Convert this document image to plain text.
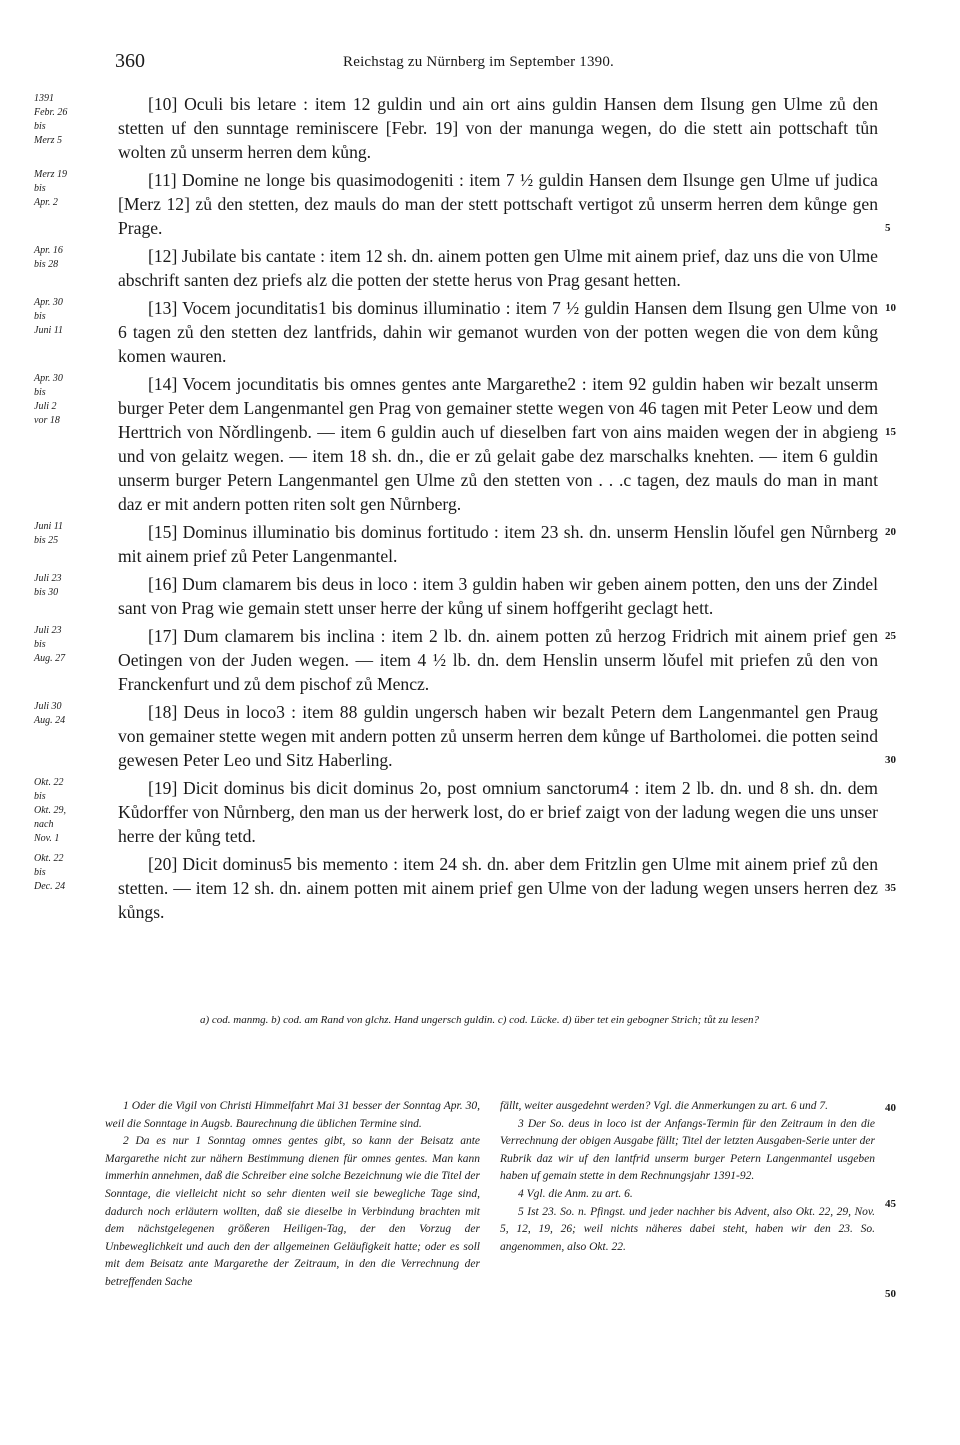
360	Reichstag zu Nürnberg im September 1390.
1391
Febr. 26
bis
Merz 5
[10] Oculi bis letare : item 12 guldin und ain ort ains guldin Hansen dem Ilsung gen Ulme zů den stetten uf den sunntage reminiscere [Febr. 19] von der manunga wegen, do die stett ain pottschaft tůn wolten zů unserm herren dem kůng.
Merz 19
bis
Apr. 2
[11] Domine ne longe bis quasimodogeniti : item 7 ½ guldin Hansen dem Ilsunge gen Ulme uf judica [Merz 12] zů den stetten, dez mauls do man der stett pottschaft vertigot zů unserm herren dem kůnge gen Prage.	5
Apr. 16
bis 28	[12] Jubilate bis cantate : item 12 sh. dn. ainem potten gen Ulme mit ainem prief, daz uns die von Ulme abschrift santen dez priefs alz die potten der stette herus von Prag gesant hetten.
Apr. 30
bis
Juni 11
[13] Vocem jocunditatis1 bis dominus illuminatio : item 7 ½ guldin Hansen dem Ilsung gen Ulme von 6 tagen zů den stetten dez lantfrids, dahin wir gemanot wurden von der potten wegen die von dem kůng komen wauren.
10
Apr. 30
bis
Juli 2
vor 18
[14] Vocem jocunditatis bis omnes gentes ante Margarethe2 : item 92 guldin haben wir bezalt unserm burger Peter dem Langenmantel gen Prag von gemainer stette wegen von 46 tagen mit Peter Leow und dem Herttrich von Nǒrdlingenb. — item 6 guldin auch uf dieselben fart von ains maiden wegen der in abgieng und von gelaitz wegen. — item 18 sh. dn., die er zů gelait gabe dez marschalks knehten. — item 6 guldin unserm burger Petern Langenmantel gen Ulme zů den stetten von . . .c tagen, dez mauls do man in mant daz er mit andern potten riten solt gen Nůrnberg.
15
Juni 11
bis 25	[15] Dominus illuminatio bis dominus fortitudo : item 23 sh. dn. unserm Henslin lǒufel gen Nůrnberg mit ainem prief zů Peter Langenmantel.
20
Juli 23
bis 30	[16] Dum clamarem bis deus in loco : item 3 guldin haben wir geben ainem potten, den uns der Zindel sant von Prag wie gemain stett unser herre der kůng uf sinem hoffgeriht geclagt hett.
Juli 23
bis
Aug. 27
[17] Dum clamarem bis inclina : item 2 lb. dn. ainem potten zů herzog Fridrich mit ainem prief gen Oetingen von der Juden wegen. — item 4 ½ lb. dn. dem Henslin unserm lǒufel mit priefen zů den von Franckenfurt und zů dem pischof zů Mencz.
25
Juli 30
Aug. 24	[18] Deus in loco3 : item 88 guldin ungersch haben wir bezalt Petern dem Langenmantel gen Praug von gemainer stette wegen mit andern potten zů unserm herren dem kůnge uf Bartholomei. die potten seind gewesen Peter Leo und Sitz Haberling.	30
Okt. 22
bis
Okt. 29,
nach
Nov. 1
[19] Dicit dominus bis dicit dominus 2o, post omnium sanctorum4 : item 2 lb. dn. und 8 sh. dn. dem Kůdorffer von Nůrnberg, den man us der herwerk lost, do er brief zaigt von der ladung wegen die uns unser herre der kůng tetd.
Okt. 22
bis
Dec. 24
[20] Dicit dominus5 bis memento : item 24 sh. dn. aber dem Fritzlin gen Ulme mit ainem prief zů den stetten. — item 12 sh. dn. ainem potten mit ainem prief gen Ulme von der ladung wegen unsers herren dez kůngs.
35
a) cod. manmg. b) cod. am Rand von glchz. Hand ungersch guldin. c) cod. Lücke. d) über tet ein gebogner Strich; tůt zu lesen?

1 Oder die Vigil von Christi Himmelfahrt Mai 31 besser der Sonntag Apr. 30, weil die Sonntage in Augsb. Baurechnung die üblichen Termine sind.

2 Da es nur 1 Sonntag omnes gentes gibt, so kann der Beisatz ante Margarethe nicht zur nähern Bestimmung dienen für omnes gentes. Man kann immerhin annehmen, daß die Schreiber eine solche Bezeichnung wie die Titel der Sonntage, die vielleicht nicht so sehr dienten weil sie bewegliche Tage sind, dadurch noch erläutern wollten, daß sie dieselbe in Verbindung brachten mit dem nächstgelegenen größeren Heiligen-Tag, der den Vorzug der Unbeweglichkeit und auch den der allgemeinen Geläufigkeit hatte; oder es soll mit dem Beisatz ante Margarethe der Zeitraum, in den die Verrechnung der betreffenden Sache

fällt, weiter ausgedehnt werden? Vgl. die Anmerkungen zu art. 6 und 7.

3 Der So. deus in loco ist der Anfangs-Termin für den Zeitraum in den die Verrechnung der obigen Ausgabe fällt; Titel der letzten Ausgaben-Serie unter der Rubrik daz wir uf den lantfrid unserm burger Petern Langenmantel usgeben haben uf gemain stette in dem Rechnungsjahr 1391-92.

4 Vgl. die Anm. zu art. 6.

5 Ist 23. So. n. Pfingst. und jeder nachher bis Advent, also Okt. 22, 29, Nov. 5, 12, 19, 26; weil nichts näheres dabei steht, haben wir den 23. So. angenommen, also Okt. 22.

40
45
50
